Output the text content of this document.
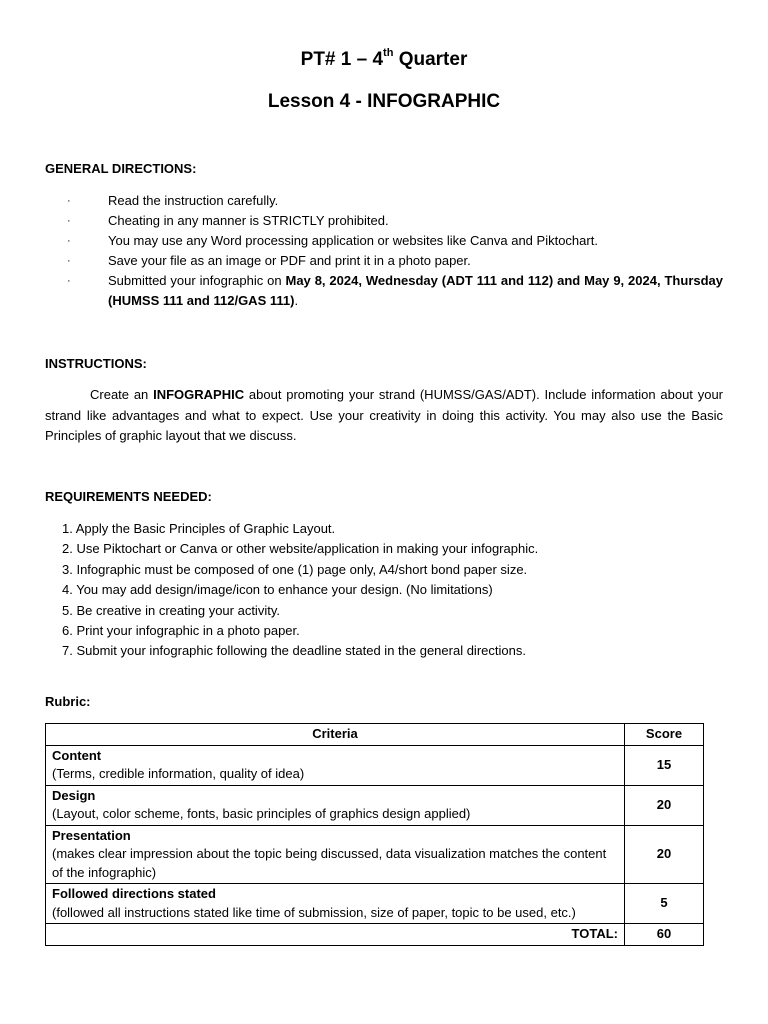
PT# 1 – 4th Quarter
Lesson 4 - INFOGRAPHIC
GENERAL DIRECTIONS:
·	Read the instruction carefully.
·	Cheating in any manner is STRICTLY prohibited.
·	You may use any Word processing application or websites like Canva and Piktochart.
·	Save your file as an image or PDF and print it in a photo paper.
·	Submitted your infographic on May 8, 2024, Wednesday (ADT 111 and 112) and May 9, 2024, Thursday (HUMSS 111 and 112/GAS 111).
INSTRUCTIONS:

Create an INFOGRAPHIC about promoting your strand (HUMSS/GAS/ADT). Include information about your strand like advantages and what to expect. Use your creativity in doing this activity. You may also use the Basic Principles of graphic layout that we discuss.

REQUIREMENTS NEEDED:
1. Apply the Basic Principles of Graphic Layout.
2. Use Piktochart or Canva or other website/application in making your infographic.
3. Infographic must be composed of one (1) page only, A4/short bond paper size.
4. You may add design/image/icon to enhance your design. (No limitations)
5. Be creative in creating your activity.
6. Print your infographic in a photo paper.
7. Submit your infographic following the deadline stated in the general directions.
Rubric:
Criteria	Score

Content
(Terms, credible information, quality of idea)	15

Design
(Layout, color scheme, fonts, basic principles of graphics design applied)	20

Presentation
(makes clear impression about the topic being discussed, data visualization matches the content of the infographic)	20

Followed directions stated
(followed all instructions stated like time of submission, size of paper, topic to be used, etc.)	5
TOTAL:	60
